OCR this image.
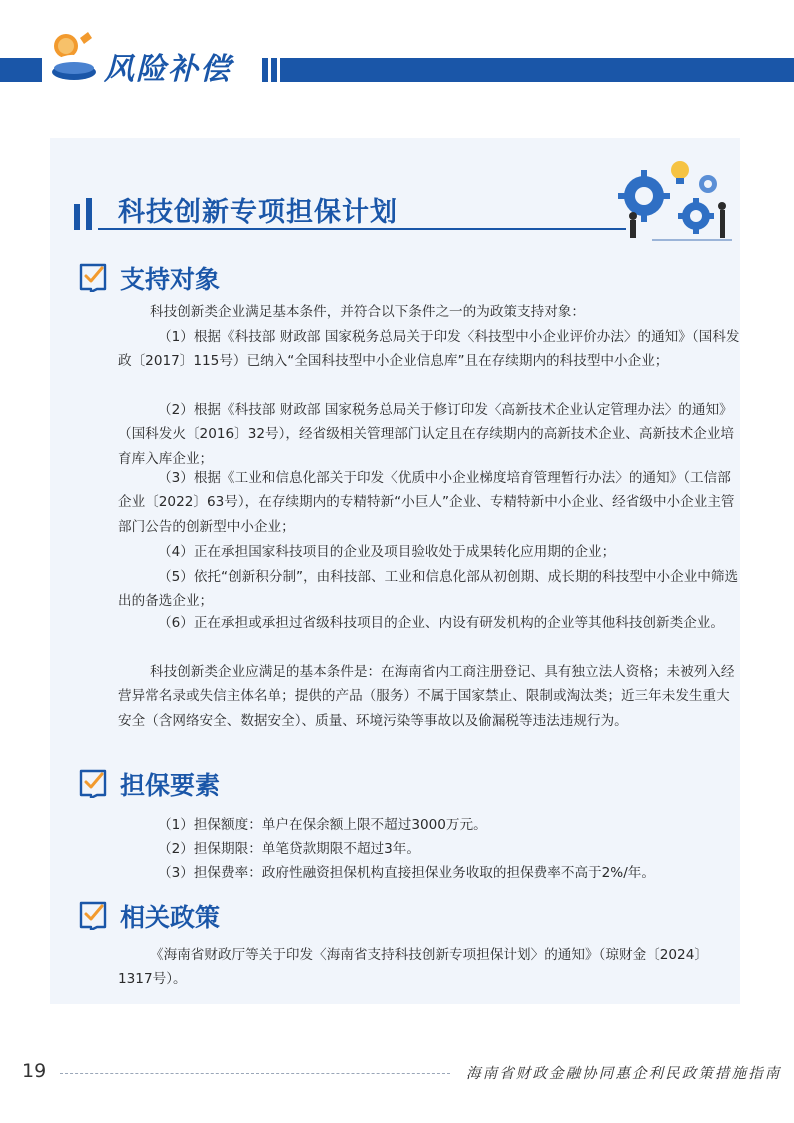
风险补偿
科技创新专项担保计划
支持对象

科技创新类企业满足基本条件，并符合以下条件之一的为政策支持对象：

（1）根据《科技部 财政部 国家税务总局关于印发〈科技型中小企业评价办法〉的通知》（国科发政〔2017〕115号）已纳入“全国科技型中小企业信息库”且在存续期内的科技型中小企业；

（2）根据《科技部 财政部 国家税务总局关于修订印发〈高新技术企业认定管理办法〉的通知》（国科发火〔2016〕32号），经省级相关管理部门认定且在存续期内的高新技术企业、高新技术企业培育库入库企业；

（3）根据《工业和信息化部关于印发〈优质中小企业梯度培育管理暂行办法〉的通知》（工信部企业〔2022〕63号），在存续期内的专精特新“小巨人”企业、专精特新中小企业、经省级中小企业主管部门公告的创新型中小企业；

（4）正在承担国家科技项目的企业及项目验收处于成果转化应用期的企业；

（5）依托“创新积分制”，由科技部、工业和信息化部从初创期、成长期的科技型中小企业中筛选出的备选企业；

（6）正在承担或承担过省级科技项目的企业、内设有研发机构的企业等其他科技创新类企业。

科技创新类企业应满足的基本条件是：在海南省内工商注册登记、具有独立法人资格；未被列入经营异常名录或失信主体名单；提供的产品（服务）不属于国家禁止、限制或淘汰类；近三年未发生重大安全（含网络安全、数据安全）、质量、环境污染等事故以及偷漏税等违法违规行为。

担保要素

（1）担保额度：单户在保余额上限不超过3000万元。

（2）担保期限：单笔贷款期限不超过3年。

（3）担保费率：政府性融资担保机构直接担保业务收取的担保费率不高于2%/年。

相关政策

《海南省财政厅等关于印发〈海南省支持科技创新专项担保计划〉的通知》（琼财金〔2024〕1317号）。

19	海南省财政金融协同惠企利民政策措施指南
